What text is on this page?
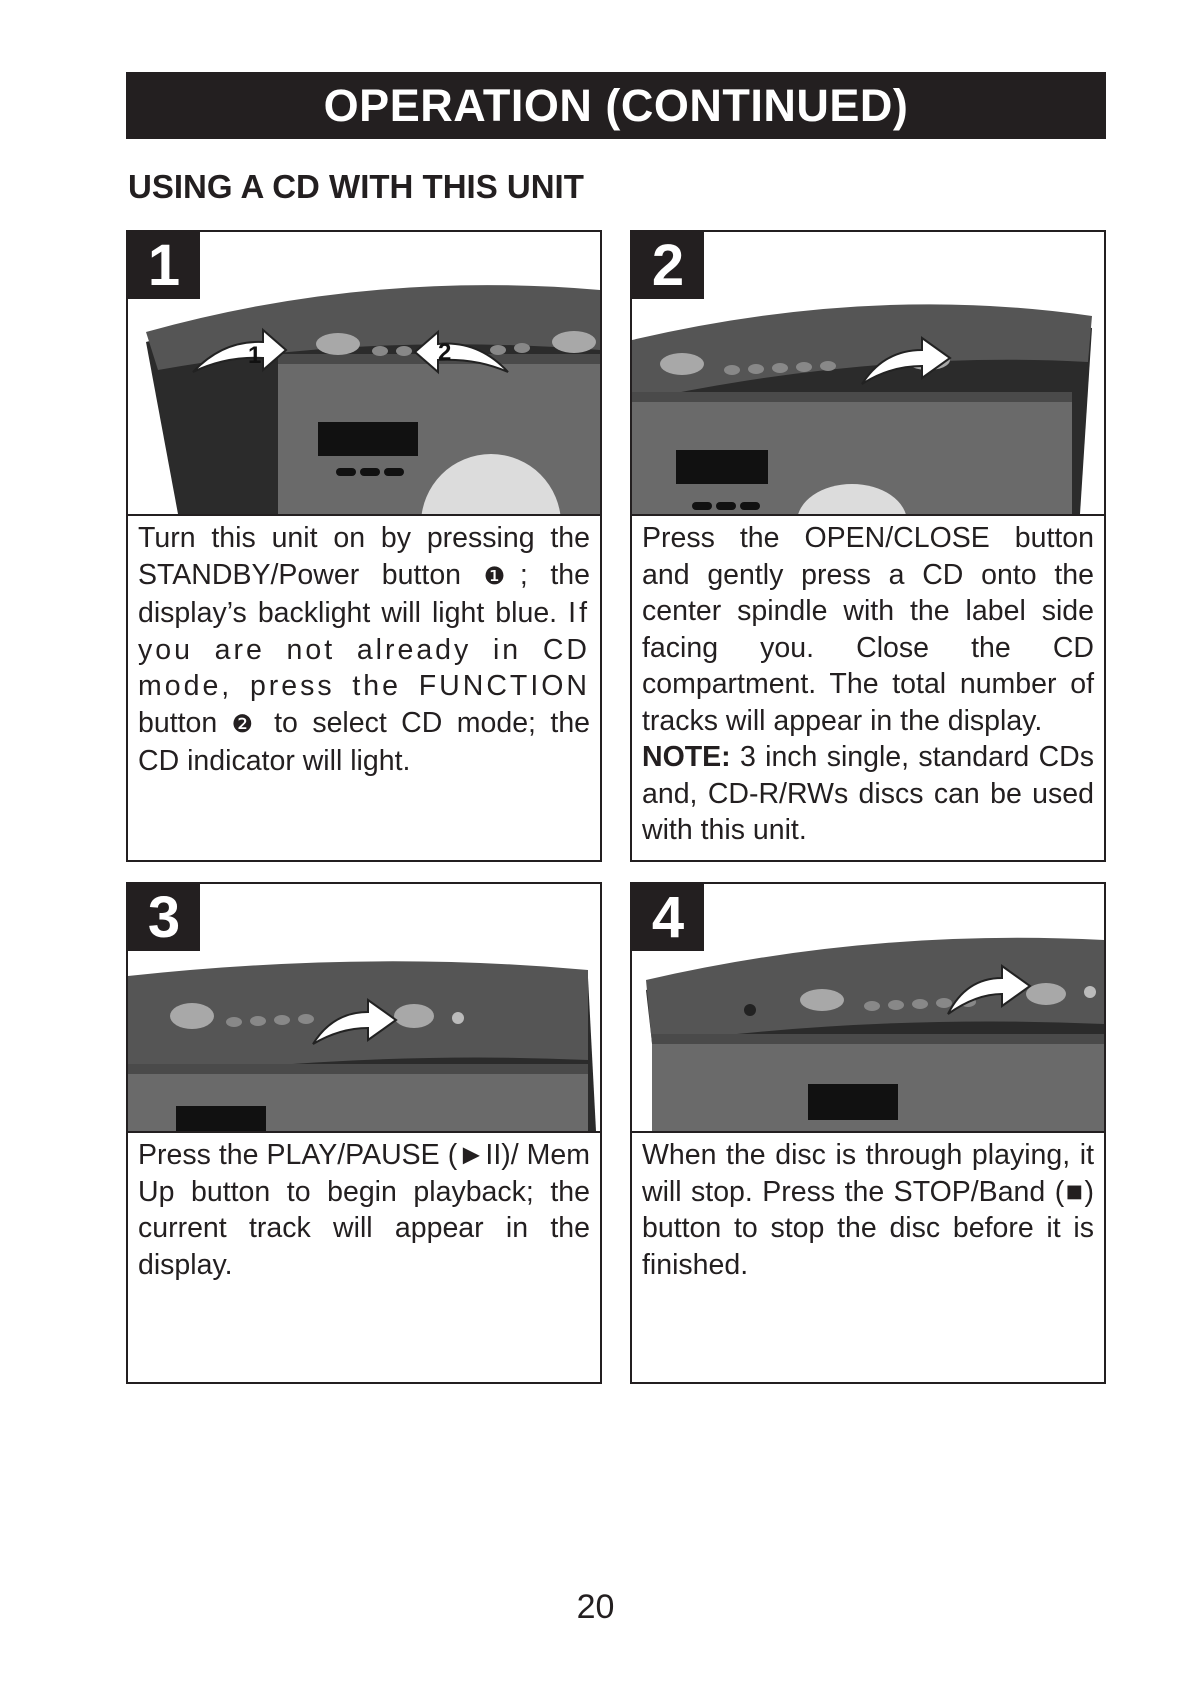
OPERATION (CONTINUED)
USING A CD WITH THIS UNIT
1
1	2
Turn this unit on by pressing the STANDBY/Power button ❶; the display’s backlight will light blue. If you are not already in CD mode, press the FUNCTION button ❷ to select CD mode; the CD indicator will light.
2
Press the OPEN/CLOSE button and gently press a CD onto the center spindle with the label side facing you. Close the CD compartment. The total number of tracks will appear in the display.
NOTE: 3 inch single, standard CDs and, CD-R/RWs discs can be used with this unit.
3
Press the PLAY/PAUSE (►II)/ Mem Up button to begin playback; the current track will appear in the display.
4
When the disc is through playing, it will stop. Press the STOP/Band (■) button to stop the disc before it is finished.
20
